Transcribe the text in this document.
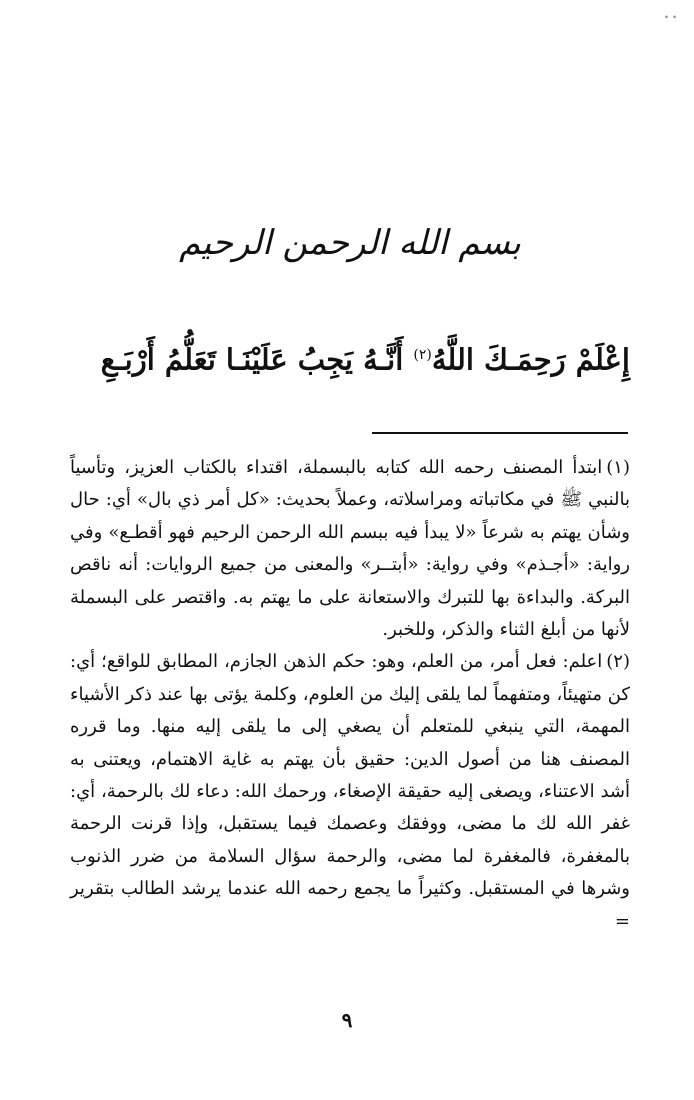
∙ ∙
بسم الله الرحمن الرحيم
إِعْلَمْ رَحِمَـكَ اللَّهُ$^{(٢)}$ أَنَّـهُ يَجِبُ عَلَيْنَـا تَعَلُّمُ أَرْبَـعِ

(١)ابتدأ المصنف رحمه الله كتابه بالبسملة، اقتداء بالكتاب العزيز، وتأسياً بالنبي ﷺ في مكاتباته ومراسلاته، وعملاً بحديث: «كل أمر ذي بال» أي: حال وشأن يهتم به شرعاً «لا يبدأ فيه ببسم الله الرحمن الرحيم فهو أقطـع» وفي رواية: «أجـذم» وفي رواية: «أبتــر» والمعنى من جميع الروايات: أنه ناقص البركة. والبداءة بها للتبرك والاستعانة على ما يهتم به. واقتصر على البسملة لأنها من أبلغ الثناء والذكر، وللخبر.

(٢)اعلم: فعل أمر، من العلم، وهو: حكم الذهن الجازم، المطابق للواقع؛ أي: كن متهيئاً، ومتفهماً لما يلقى إليك من العلوم، وكلمة يؤتى بها عند ذكر الأشياء المهمة، التي ينبغي للمتعلم أن يصغي إلى ما يلقى إليه منها. وما قرره المصنف هنا من أصول الدين: حقيق بأن يهتم به غاية الاهتمام، ويعتنى به أشد الاعتناء، ويصغى إليه حقيقة الإصغاء، ورحمك الله: دعاء لك بالرحمة، أي: غفر الله لك ما مضى، ووفقك وعصمك فيما يستقبل، وإذا قرنت الرحمة بالمغفرة، فالمغفرة لما مضى، والرحمة سؤال السلامة من ضرر الذنوب وشرها في المستقبل. وكثيراً ما يجمع رحمه الله عندما يرشد الطالب بتقرير =

٩
